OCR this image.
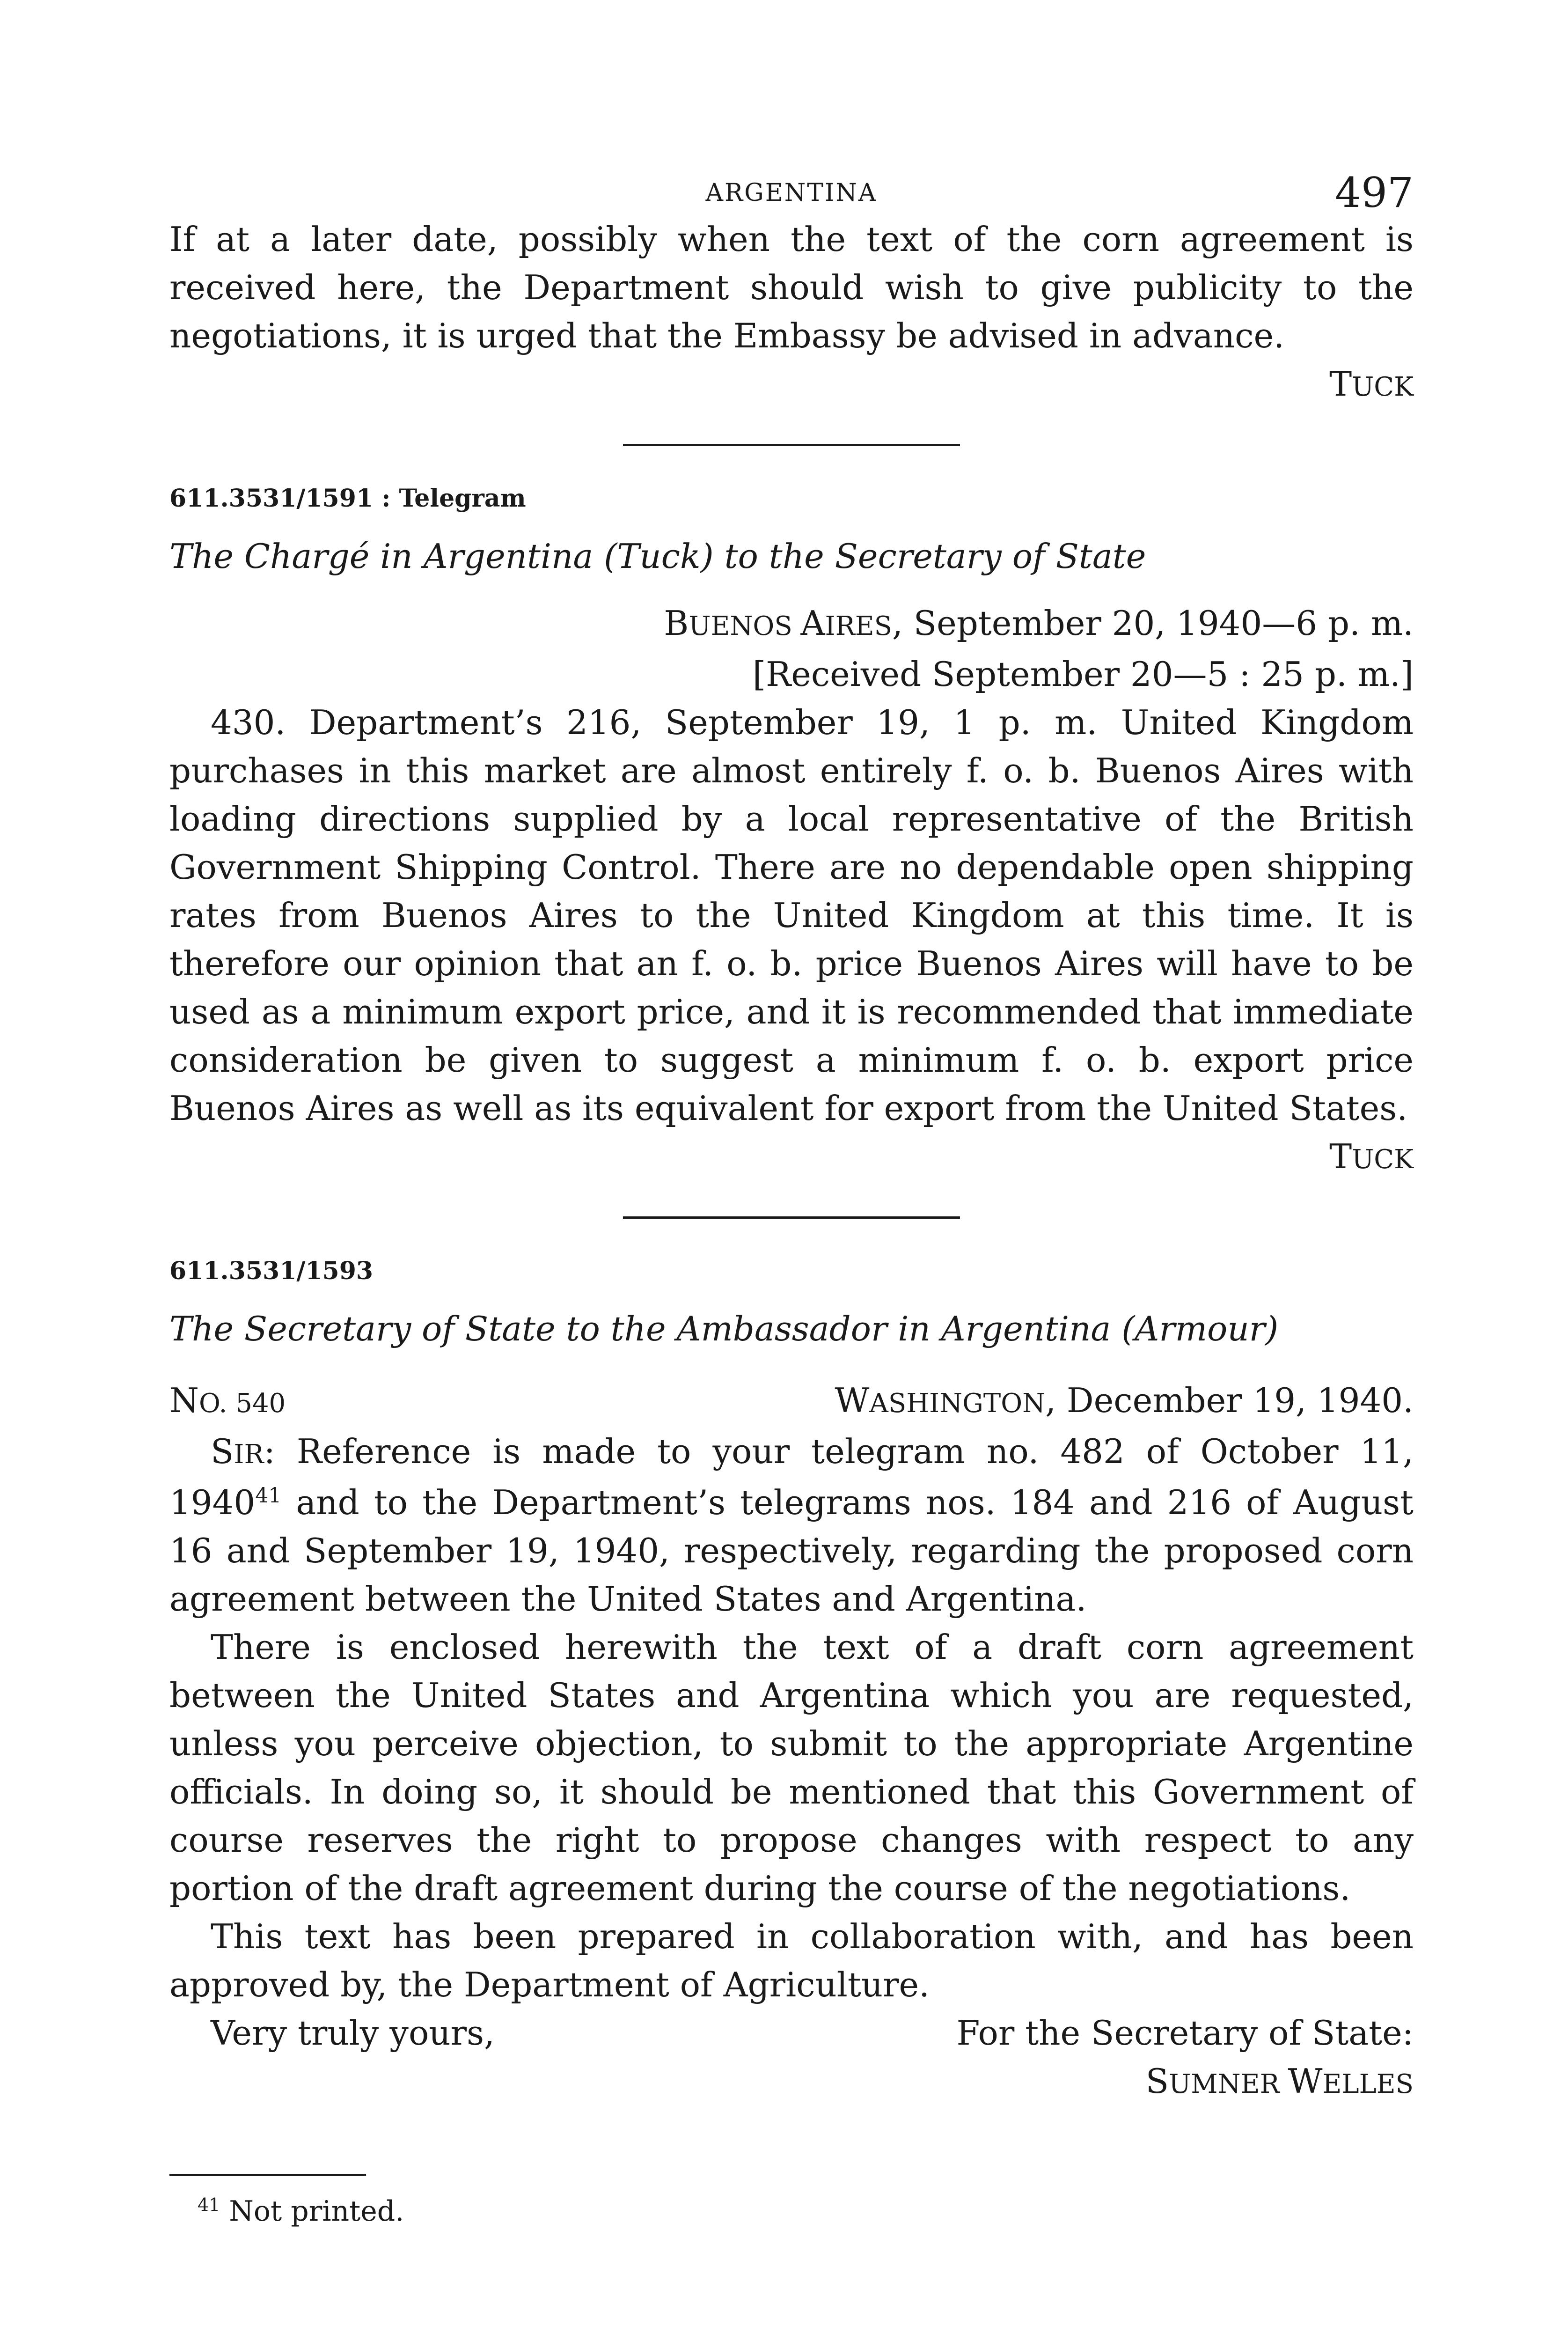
ARGENTINA	497

If at a later date, possibly when the text of the corn agreement is received here, the Department should wish to give publicity to the negotiations, it is urged that the Embassy be advised in advance.

TUCK
611.3531/1591 : Telegram
The Chargé in Argentina (Tuck) to the Secretary of State
BUENOS AIRES, September 20, 1940—6 p. m.
[Received September 20—5 : 25 p. m.]

430. Department’s 216, September 19, 1 p. m. United Kingdom purchases in this market are almost entirely f. o. b. Buenos Aires with loading directions supplied by a local representative of the British Government Shipping Control. There are no dependable open shipping rates from Buenos Aires to the United Kingdom at this time. It is therefore our opinion that an f. o. b. price Buenos Aires will have to be used as a minimum export price, and it is recommended that immediate consideration be given to suggest a minimum f. o. b. export price Buenos Aires as well as its equivalent for export from the United States.

TUCK
611.3531/1593
The Secretary of State to the Ambassador in Argentina (Armour)
NO. 540	WASHINGTON, December 19, 1940.

SIR: Reference is made to your telegram no. 482 of October 11, 1940$^{41}$ and to the Department’s telegrams nos. 184 and 216 of August 16 and September 19, 1940, respectively, regarding the proposed corn agreement between the United States and Argentina.

There is enclosed herewith the text of a draft corn agreement between the United States and Argentina which you are requested, unless you perceive objection, to submit to the appropriate Argentine officials. In doing so, it should be mentioned that this Government of course reserves the right to propose changes with respect to any portion of the draft agreement during the course of the negotiations.

This text has been prepared in collaboration with, and has been approved by, the Department of Agriculture.

Very truly yours,	For the Secretary of State:
SUMNER WELLES
$^{41}$ Not printed.
